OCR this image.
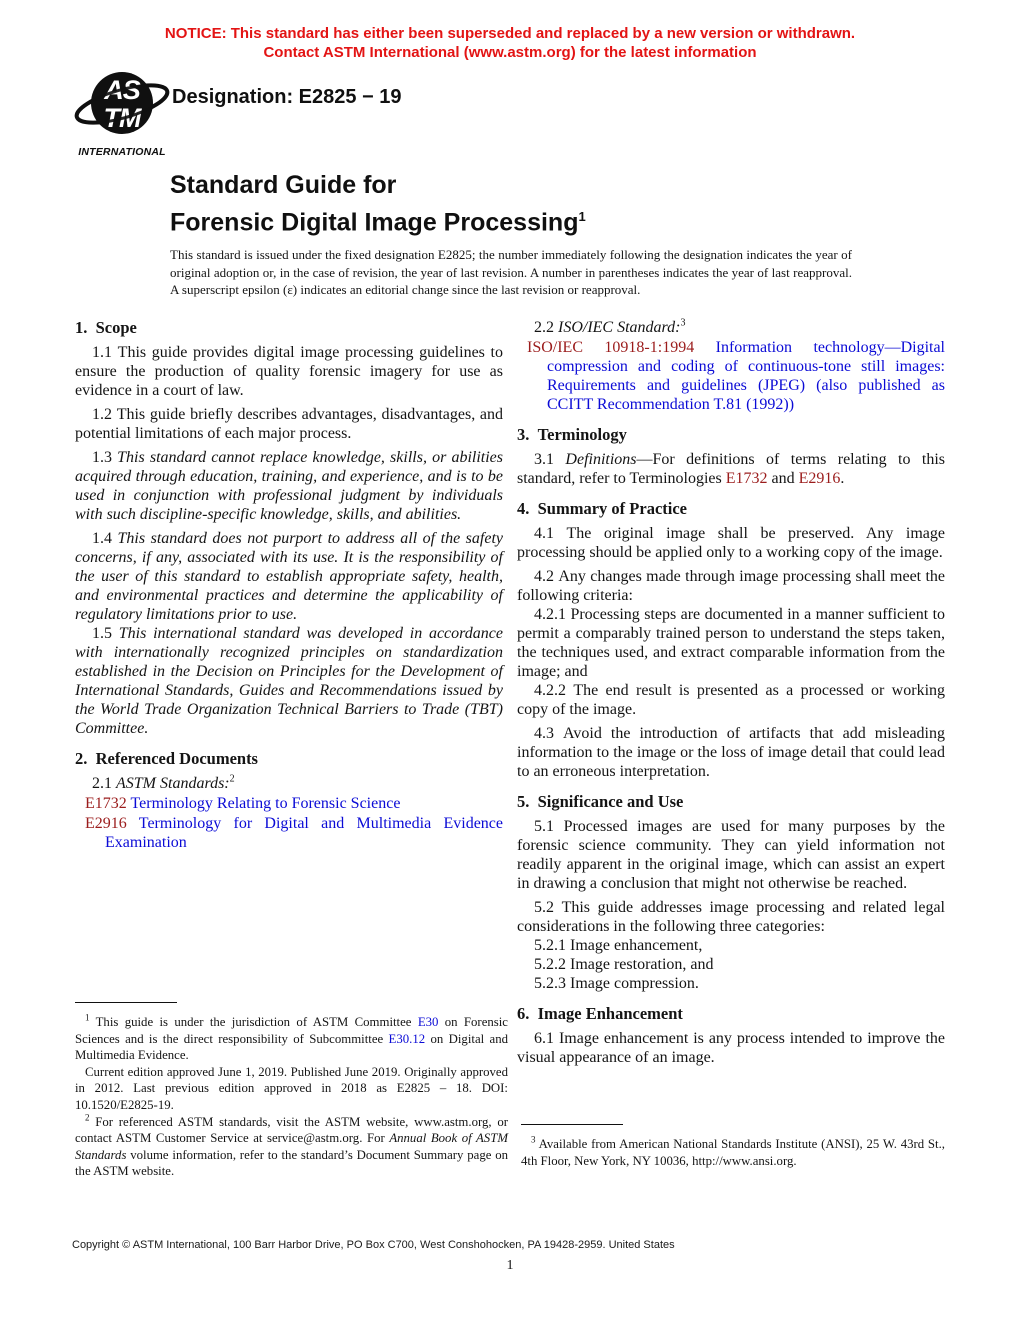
NOTICE: This standard has either been superseded and replaced by a new version or withdrawn.
Contact ASTM International (www.astm.org) for the latest information
AS
TM
INTERNATIONAL
Designation: E2825 − 19
Standard Guide for
Forensic Digital Image Processing$^1$
This standard is issued under the fixed designation E2825; the number immediately following the designation indicates the year of original adoption or, in the case of revision, the year of last revision. A number in parentheses indicates the year of last reapproval. A superscript epsilon (ε) indicates an editorial change since the last revision or reapproval.
1.  Scope
1.1 This guide provides digital image processing guidelines to ensure the production of quality forensic imagery for use as evidence in a court of law.
1.2 This guide briefly describes advantages, disadvantages, and potential limitations of each major process.
1.3 This standard cannot replace knowledge, skills, or abilities acquired through education, training, and experience, and is to be used in conjunction with professional judgment by individuals with such discipline-specific knowledge, skills, and abilities.
1.4 This standard does not purport to address all of the safety concerns, if any, associated with its use. It is the responsibility of the user of this standard to establish appropriate safety, health, and environmental practices and determine the applicability of regulatory limitations prior to use.
1.5 This international standard was developed in accordance with internationally recognized principles on standardization established in the Decision on Principles for the Development of International Standards, Guides and Recommendations issued by the World Trade Organization Technical Barriers to Trade (TBT) Committee.
2.  Referenced Documents
2.1 ASTM Standards:$^2$
E1732 Terminology Relating to Forensic Science
E2916 Terminology for Digital and Multimedia Evidence Examination
2.2 ISO/IEC Standard:$^3$
ISO/IEC 10918-1:1994 Information technology—Digital compression and coding of continuous-tone still images: Requirements and guidelines (JPEG) (also published as CCITT Recommendation T.81 (1992))
3.  Terminology
3.1 Definitions—For definitions of terms relating to this standard, refer to Terminologies E1732 and E2916.
4.  Summary of Practice
4.1 The original image shall be preserved. Any image processing should be applied only to a working copy of the image.
4.2 Any changes made through image processing shall meet the following criteria:
4.2.1 Processing steps are documented in a manner sufficient to permit a comparably trained person to understand the steps taken, the techniques used, and extract comparable information from the image; and
4.2.2 The end result is presented as a processed or working copy of the image.
4.3 Avoid the introduction of artifacts that add misleading information to the image or the loss of image detail that could lead to an erroneous interpretation.
5.  Significance and Use
5.1 Processed images are used for many purposes by the forensic science community. They can yield information not readily apparent in the original image, which can assist an expert in drawing a conclusion that might not otherwise be reached.
5.2 This guide addresses image processing and related legal considerations in the following three categories:
5.2.1 Image enhancement,
5.2.2 Image restoration, and
5.2.3 Image compression.
6.  Image Enhancement
6.1 Image enhancement is any process intended to improve the visual appearance of an image.
$^1$ This guide is under the jurisdiction of ASTM Committee E30 on Forensic Sciences and is the direct responsibility of Subcommittee E30.12 on Digital and Multimedia Evidence.
Current edition approved June 1, 2019. Published June 2019. Originally approved in 2012. Last previous edition approved in 2018 as E2825 – 18. DOI: 10.1520/E2825-19.
$^2$ For referenced ASTM standards, visit the ASTM website, www.astm.org, or contact ASTM Customer Service at service@astm.org. For Annual Book of ASTM Standards volume information, refer to the standard’s Document Summary page on the ASTM website.
$^3$ Available from American National Standards Institute (ANSI), 25 W. 43rd St., 4th Floor, New York, NY 10036, http://www.ansi.org.
Copyright © ASTM International, 100 Barr Harbor Drive, PO Box C700, West Conshohocken, PA 19428-2959. United States
1
